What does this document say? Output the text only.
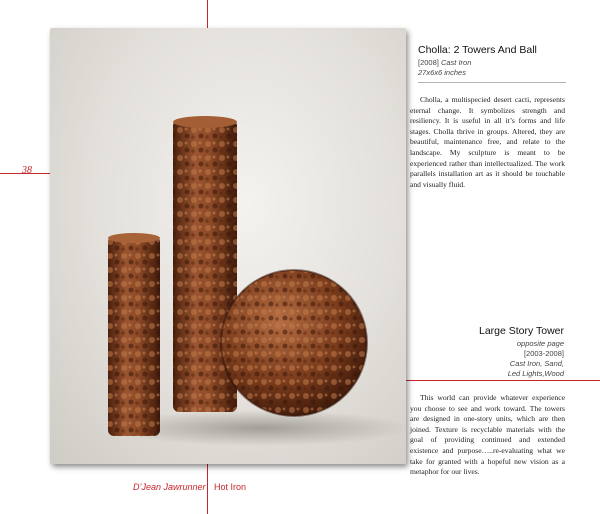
38
Cholla: 2 Towers And Ball
[2008] Cast Iron
27x6x6 inches

Cholla, a multispecied desert cacti, represents eternal change. It symbolizes strength and resiliency. It is useful in all it’s forms and life stages. Cholla thrive in groups. Altered, they are beautiful, maintenance free, and relate to the landscape. My sculpture is meant to be experienced rather than intellectualized. The work parallels installation art as it should be touchable and visually fluid.

Large Story Tower
opposite page
[2003-2008]
Cast Iron, Sand,
Led Lights,Wood

This world can provide whatever experience you choose to see and work toward. The towers are designed in one-story units, which are then joined. Texture is recyclable materials with the goal of providing continued and extended existence and purpose…..re-evaluating what we take for granted with a hopeful new vision as a metaphor for our lives.

D’Jean Jawrunner Hot Iron
